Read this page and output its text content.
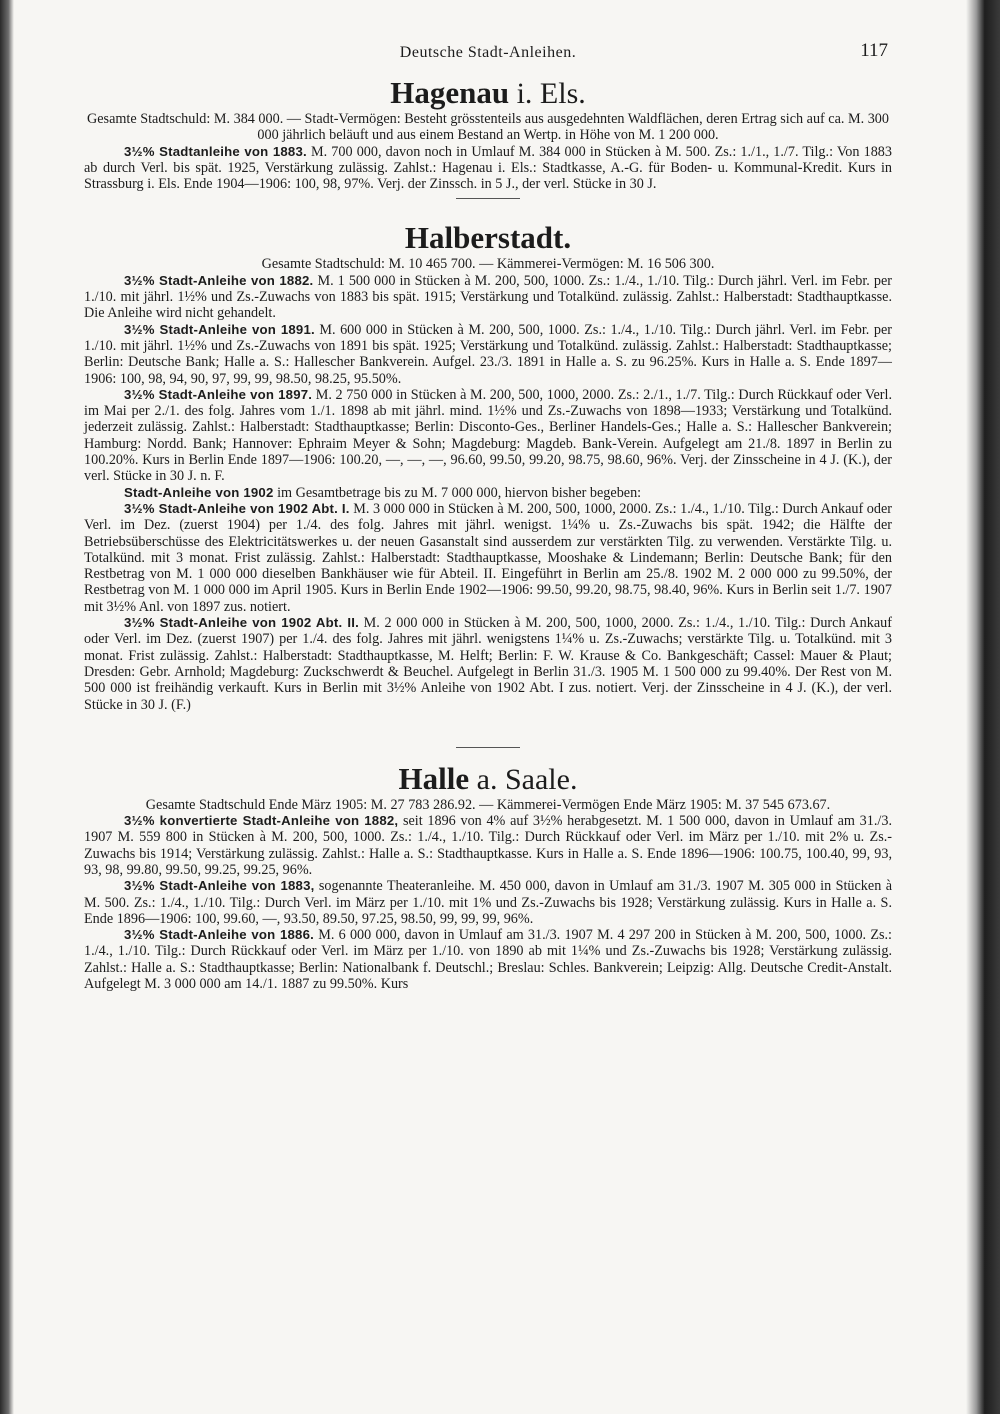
Deutsche Stadt-Anleihen.	117
Hagenau i. Els.

Gesamte Stadtschuld: M. 384 000. — Stadt-Vermögen: Besteht grösstenteils aus ausgedehnten Waldflächen, deren Ertrag sich auf ca. M. 300 000 jährlich beläuft und aus einem Bestand an Wertp. in Höhe von M. 1 200 000.

3½% Stadtanleihe von 1883. M. 700 000, davon noch in Umlauf M. 384 000 in Stücken à M. 500. Zs.: 1./1., 1./7. Tilg.: Von 1883 ab durch Verl. bis spät. 1925, Verstärkung zulässig. Zahlst.: Hagenau i. Els.: Stadtkasse, A.-G. für Boden- u. Kommunal-Kredit. Kurs in Strassburg i. Els. Ende 1904—1906: 100, 98, 97%. Verj. der Zinssch. in 5 J., der verl. Stücke in 30 J.

Halberstadt.

Gesamte Stadtschuld: M. 10 465 700. — Kämmerei-Vermögen: M. 16 506 300.

3½% Stadt-Anleihe von 1882. M. 1 500 000 in Stücken à M. 200, 500, 1000. Zs.: 1./4., 1./10. Tilg.: Durch jährl. Verl. im Febr. per 1./10. mit jährl. 1½% und Zs.-Zuwachs von 1883 bis spät. 1915; Verstärkung und Totalkünd. zulässig. Zahlst.: Halberstadt: Stadthauptkasse. Die Anleihe wird nicht gehandelt.

3½% Stadt-Anleihe von 1891. M. 600 000 in Stücken à M. 200, 500, 1000. Zs.: 1./4., 1./10. Tilg.: Durch jährl. Verl. im Febr. per 1./10. mit jährl. 1½% und Zs.-Zuwachs von 1891 bis spät. 1925; Verstärkung und Totalkünd. zulässig. Zahlst.: Halberstadt: Stadthauptkasse; Berlin: Deutsche Bank; Halle a. S.: Hallescher Bankverein. Aufgel. 23./3. 1891 in Halle a. S. zu 96.25%. Kurs in Halle a. S. Ende 1897—1906: 100, 98, 94, 90, 97, 99, 99, 98.50, 98.25, 95.50%.

3½% Stadt-Anleihe von 1897. M. 2 750 000 in Stücken à M. 200, 500, 1000, 2000. Zs.: 2./1., 1./7. Tilg.: Durch Rückkauf oder Verl. im Mai per 2./1. des folg. Jahres vom 1./1. 1898 ab mit jährl. mind. 1½% und Zs.-Zuwachs von 1898—1933; Verstärkung und Totalkünd. jederzeit zulässig. Zahlst.: Halberstadt: Stadthauptkasse; Berlin: Disconto-Ges., Berliner Handels-Ges.; Halle a. S.: Hallescher Bankverein; Hamburg: Nordd. Bank; Hannover: Ephraim Meyer & Sohn; Magdeburg: Magdeb. Bank-Verein. Aufgelegt am 21./8. 1897 in Berlin zu 100.20%. Kurs in Berlin Ende 1897—1906: 100.20, —, —, —, 96.60, 99.50, 99.20, 98.75, 98.60, 96%. Verj. der Zinsscheine in 4 J. (K.), der verl. Stücke in 30 J. n. F.

Stadt-Anleihe von 1902 im Gesamtbetrage bis zu M. 7 000 000, hiervon bisher begeben:

3½% Stadt-Anleihe von 1902 Abt. I. M. 3 000 000 in Stücken à M. 200, 500, 1000, 2000. Zs.: 1./4., 1./10. Tilg.: Durch Ankauf oder Verl. im Dez. (zuerst 1904) per 1./4. des folg. Jahres mit jährl. wenigst. 1¼% u. Zs.-Zuwachs bis spät. 1942; die Hälfte der Betriebsüberschüsse des Elektricitätswerkes u. der neuen Gasanstalt sind ausserdem zur verstärkten Tilg. zu verwenden. Verstärkte Tilg. u. Totalkünd. mit 3 monat. Frist zulässig. Zahlst.: Halberstadt: Stadthauptkasse, Mooshake & Lindemann; Berlin: Deutsche Bank; für den Restbetrag von M. 1 000 000 dieselben Bankhäuser wie für Abteil. II. Eingeführt in Berlin am 25./8. 1902 M. 2 000 000 zu 99.50%, der Restbetrag von M. 1 000 000 im April 1905. Kurs in Berlin Ende 1902—1906: 99.50, 99.20, 98.75, 98.40, 96%. Kurs in Berlin seit 1./7. 1907 mit 3½% Anl. von 1897 zus. notiert.

3½% Stadt-Anleihe von 1902 Abt. II. M. 2 000 000 in Stücken à M. 200, 500, 1000, 2000. Zs.: 1./4., 1./10. Tilg.: Durch Ankauf oder Verl. im Dez. (zuerst 1907) per 1./4. des folg. Jahres mit jährl. wenigstens 1¼% u. Zs.-Zuwachs; verstärkte Tilg. u. Totalkünd. mit 3 monat. Frist zulässig. Zahlst.: Halberstadt: Stadthauptkasse, M. Helft; Berlin: F. W. Krause & Co. Bankgeschäft; Cassel: Mauer & Plaut; Dresden: Gebr. Arnhold; Magdeburg: Zuckschwerdt & Beuchel. Aufgelegt in Berlin 31./3. 1905 M. 1 500 000 zu 99.40%. Der Rest von M. 500 000 ist freihändig verkauft. Kurs in Berlin mit 3½% Anleihe von 1902 Abt. I zus. notiert. Verj. der Zinsscheine in 4 J. (K.), der verl. Stücke in 30 J. (F.)

Halle a. Saale.

Gesamte Stadtschuld Ende März 1905: M. 27 783 286.92. — Kämmerei-Vermögen Ende März 1905: M. 37 545 673.67.

3½% konvertierte Stadt-Anleihe von 1882, seit 1896 von 4% auf 3½% herabgesetzt. M. 1 500 000, davon in Umlauf am 31./3. 1907 M. 559 800 in Stücken à M. 200, 500, 1000. Zs.: 1./4., 1./10. Tilg.: Durch Rückkauf oder Verl. im März per 1./10. mit 2% u. Zs.-Zuwachs bis 1914; Verstärkung zulässig. Zahlst.: Halle a. S.: Stadthauptkasse. Kurs in Halle a. S. Ende 1896—1906: 100.75, 100.40, 99, 93, 93, 98, 99.80, 99.50, 99.25, 99.25, 96%.

3½% Stadt-Anleihe von 1883, sogenannte Theateranleihe. M. 450 000, davon in Umlauf am 31./3. 1907 M. 305 000 in Stücken à M. 500. Zs.: 1./4., 1./10. Tilg.: Durch Verl. im März per 1./10. mit 1% und Zs.-Zuwachs bis 1928; Verstärkung zulässig. Kurs in Halle a. S. Ende 1896—1906: 100, 99.60, —, 93.50, 89.50, 97.25, 98.50, 99, 99, 99, 96%.

3½% Stadt-Anleihe von 1886. M. 6 000 000, davon in Umlauf am 31./3. 1907 M. 4 297 200 in Stücken à M. 200, 500, 1000. Zs.: 1./4., 1./10. Tilg.: Durch Rückkauf oder Verl. im März per 1./10. von 1890 ab mit 1¼% und Zs.-Zuwachs bis 1928; Verstärkung zulässig. Zahlst.: Halle a. S.: Stadthauptkasse; Berlin: Nationalbank f. Deutschl.; Breslau: Schles. Bankverein; Leipzig: Allg. Deutsche Credit-Anstalt. Aufgelegt M. 3 000 000 am 14./1. 1887 zu 99.50%. Kurs
